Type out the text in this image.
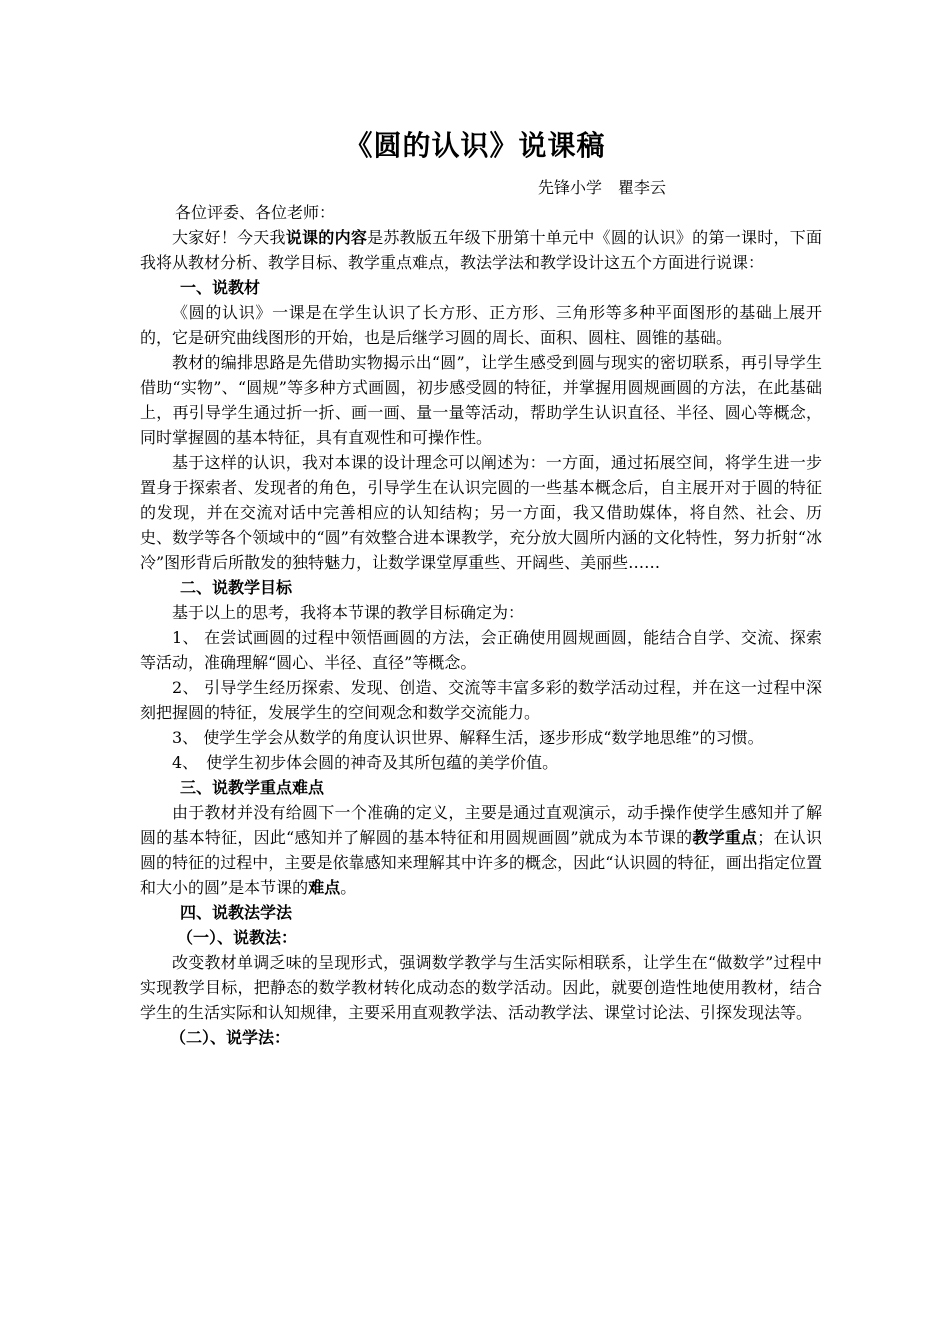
《圆的认识》说课稿
先锋小学　瞿李云

各位评委、各位老师：

大家好！今天我说课的内容是苏教版五年级下册第十单元中《圆的认识》的第一课时，下面我将从教材分析、教学目标、教学重点难点，教法学法和教学设计这五个方面进行说课：

一、说教材

《圆的认识》一课是在学生认识了长方形、正方形、三角形等多种平面图形的基础上展开的，它是研究曲线图形的开始，也是后继学习圆的周长、面积、圆柱、圆锥的基础。

教材的编排思路是先借助实物揭示出“圆”，让学生感受到圆与现实的密切联系，再引导学生借助“实物”、“圆规”等多种方式画圆，初步感受圆的特征，并掌握用圆规画圆的方法，在此基础上，再引导学生通过折一折、画一画、量一量等活动，帮助学生认识直径、半径、圆心等概念，同时掌握圆的基本特征，具有直观性和可操作性。

基于这样的认识，我对本课的设计理念可以阐述为：一方面，通过拓展空间，将学生进一步置身于探索者、发现者的角色，引导学生在认识完圆的一些基本概念后，自主展开对于圆的特征的发现，并在交流对话中完善相应的认知结构；另一方面，我又借助媒体，将自然、社会、历史、数学等各个领域中的“圆”有效整合进本课教学，充分放大圆所内涵的文化特性，努力折射“冰冷”图形背后所散发的独特魅力，让数学课堂厚重些、开阔些、美丽些……

二、说教学目标

基于以上的思考，我将本节课的教学目标确定为：

1、 在尝试画圆的过程中领悟画圆的方法，会正确使用圆规画圆，能结合自学、交流、探索等活动，准确理解“圆心、半径、直径”等概念。

2、 引导学生经历探索、发现、创造、交流等丰富多彩的数学活动过程，并在这一过程中深刻把握圆的特征，发展学生的空间观念和数学交流能力。

3、 使学生学会从数学的角度认识世界、解释生活，逐步形成“数学地思维”的习惯。

4、　使学生初步体会圆的神奇及其所包蕴的美学价值。

三、说教学重点难点

由于教材并没有给圆下一个准确的定义，主要是通过直观演示，动手操作使学生感知并了解圆的基本特征，因此“感知并了解圆的基本特征和用圆规画圆”就成为本节课的教学重点；在认识圆的特征的过程中，主要是依靠感知来理解其中许多的概念，因此“认识圆的特征，画出指定位置和大小的圆”是本节课的难点。

四、说教法学法

（一）、说教法：

改变教材单调乏味的呈现形式，强调数学教学与生活实际相联系，让学生在“做数学”过程中实现教学目标，把静态的数学教材转化成动态的数学活动。因此，就要创造性地使用教材，结合学生的生活实际和认知规律，主要采用直观教学法、活动教学法、课堂讨论法、引探发现法等。

（二）、说学法：
